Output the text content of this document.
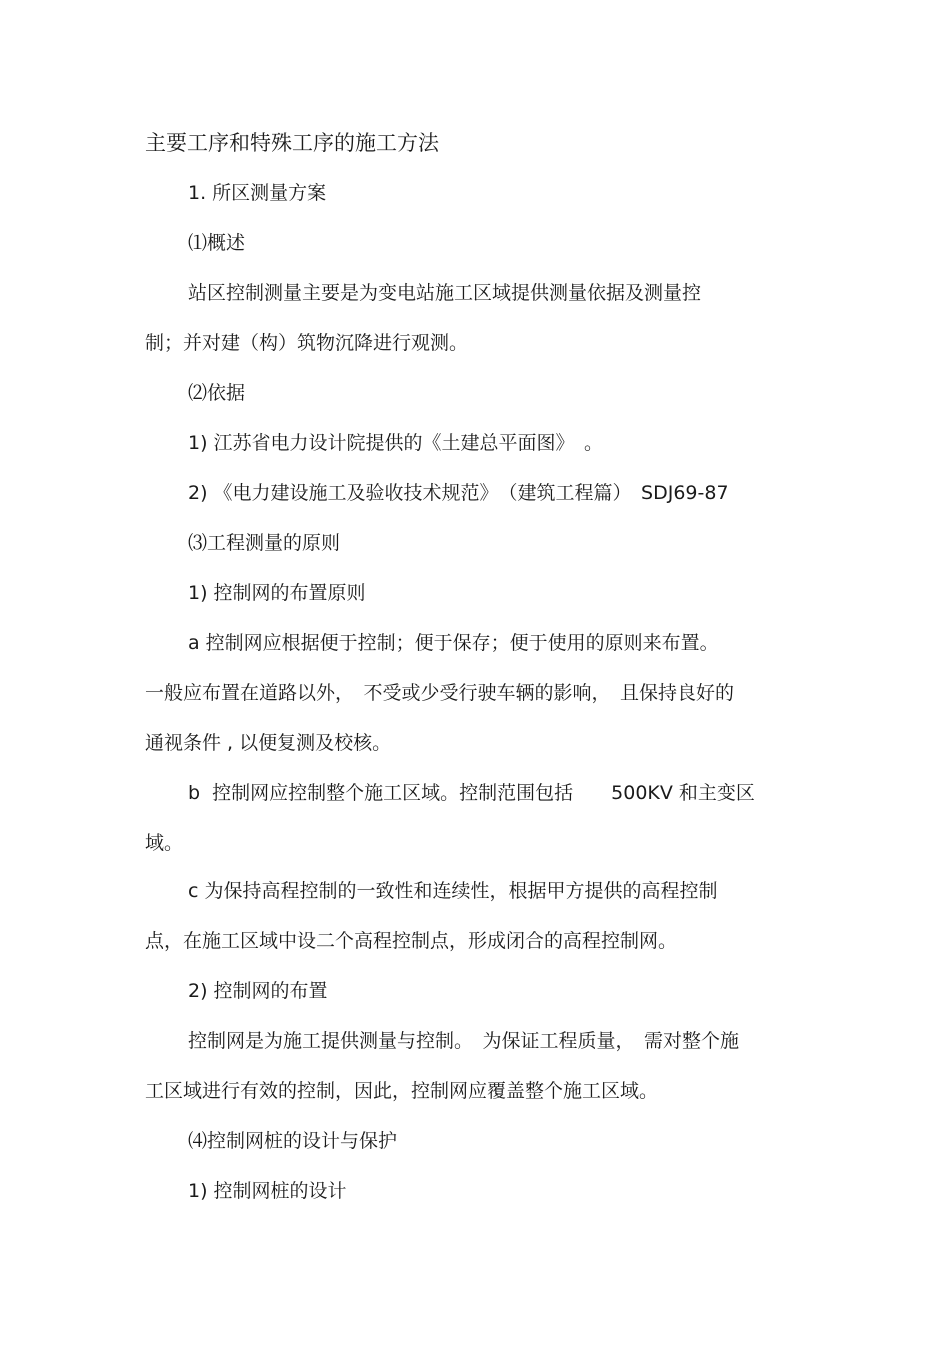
主要工序和特殊工序的施工方法
1. 所区测量方案
⑴概述
站区控制测量主要是为变电站施工区域提供测量依据及测量控
制；并对建（构）筑物沉降进行观测。
⑵依据
1) 江苏省电力设计院提供的《土建总平面图》　。
2) 《电力建设施工及验收技术规范》　（建筑工程篇）　SDJ69-87
⑶工程测量的原则
1) 控制网的布置原则
a 控制网应根据便于控制；便于保存；便于使用的原则来布置。
一般应布置在道路以外，　不受或少受行驶车辆的影响，　且保持良好的
通视条件 , 以便复测及校核。
b  控制网应控制整个施工区域。控制范围包括　　500KV 和主变区
域。
c 为保持高程控制的一致性和连续性，根据甲方提供的高程控制
点，在施工区域中设二个高程控制点，形成闭合的高程控制网。
2) 控制网的布置
控制网是为施工提供测量与控制。　为保证工程质量，　需对整个施
工区域进行有效的控制，因此，控制网应覆盖整个施工区域。
⑷控制网桩的设计与保护
1) 控制网桩的设计
